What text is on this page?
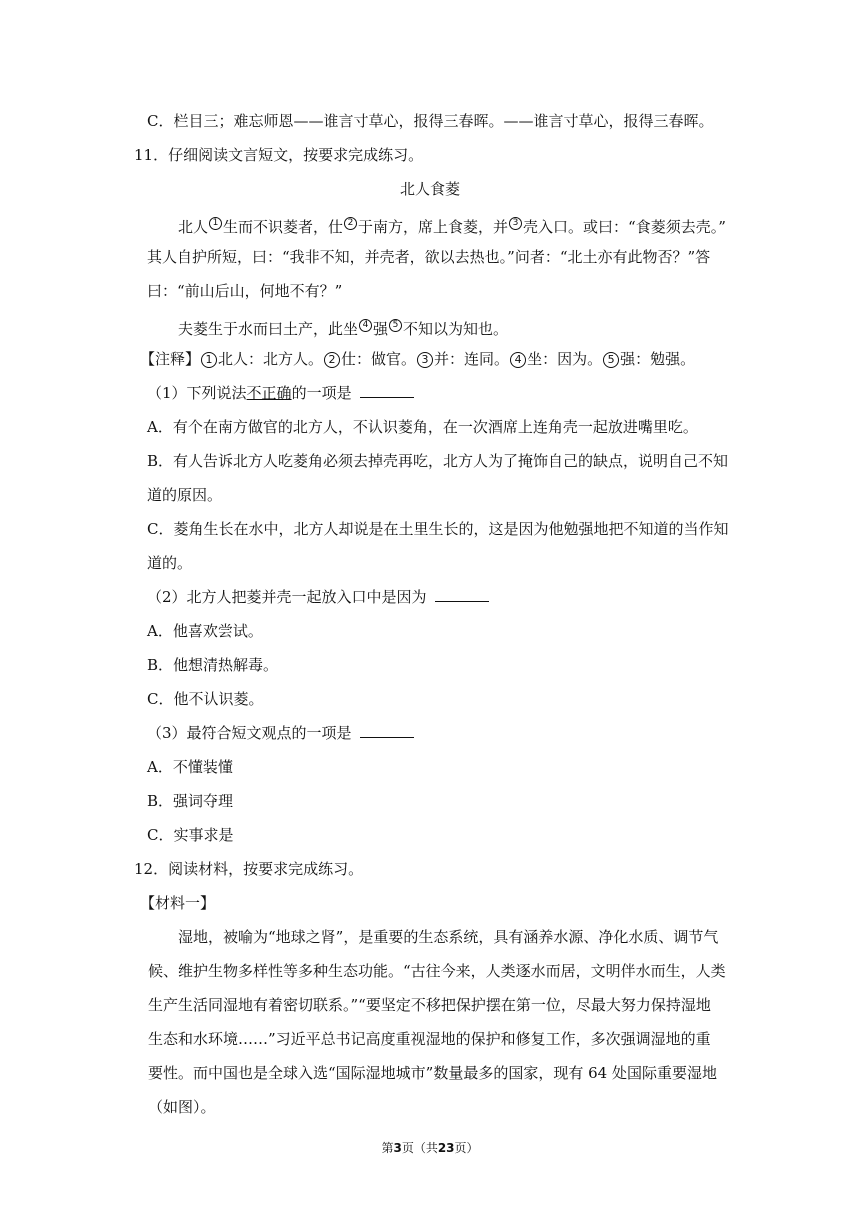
C．栏目三；难忘师恩——谁言寸草心，报得三春晖。——谁言寸草心，报得三春晖。
11．仔细阅读文言短文，按要求完成练习。
北人食菱
北人 $^1$ 生而不识菱者，仕 $^2$ 于南方，席上食菱，并 $^3$ 壳入口。或曰：“食菱须去壳。”
其人自护所短，曰：“我非不知，并壳者，欲以去热也。”问者：“北土亦有此物否？”答
曰：“前山后山，何地不有？”
夫菱生于水而曰土产，此坐 $^4$ 强 $^5$ 不知以为知也。
【注释】 1 北人：北方人。 2 仕：做官。 3 并：连同。 4 坐：因为。 5 强：勉强。
（1）下列说法不正确的一项是
A．有个在南方做官的北方人，不认识菱角，在一次酒席上连角壳一起放进嘴里吃。
B．有人告诉北方人吃菱角必须去掉壳再吃，北方人为了掩饰自己的缺点，说明自己不知
道的原因。
C．菱角生长在水中，北方人却说是在土里生长的，这是因为他勉强地把不知道的当作知
道的。
（2）北方人把菱并壳一起放入口中是因为
A．他喜欢尝试。
B．他想清热解毒。
C．他不认识菱。
（3）最符合短文观点的一项是
A．不懂装懂
B．强词夺理
C．实事求是
12．阅读材料，按要求完成练习。
【材料一】
湿地，被喻为“地球之肾”，是重要的生态系统，具有涵养水源、净化水质、调节气
候、维护生物多样性等多种生态功能。“古往今来，人类逐水而居，文明伴水而生，人类
生产生活同湿地有着密切联系。”“要坚定不移把保护摆在第一位，尽最大努力保持湿地
生态和水环境……”习近平总书记高度重视湿地的保护和修复工作，多次强调湿地的重
要性。而中国也是全球入选“国际湿地城市”数量最多的国家，现有 64 处国际重要湿地
（如图）。
第3页（共23页）
